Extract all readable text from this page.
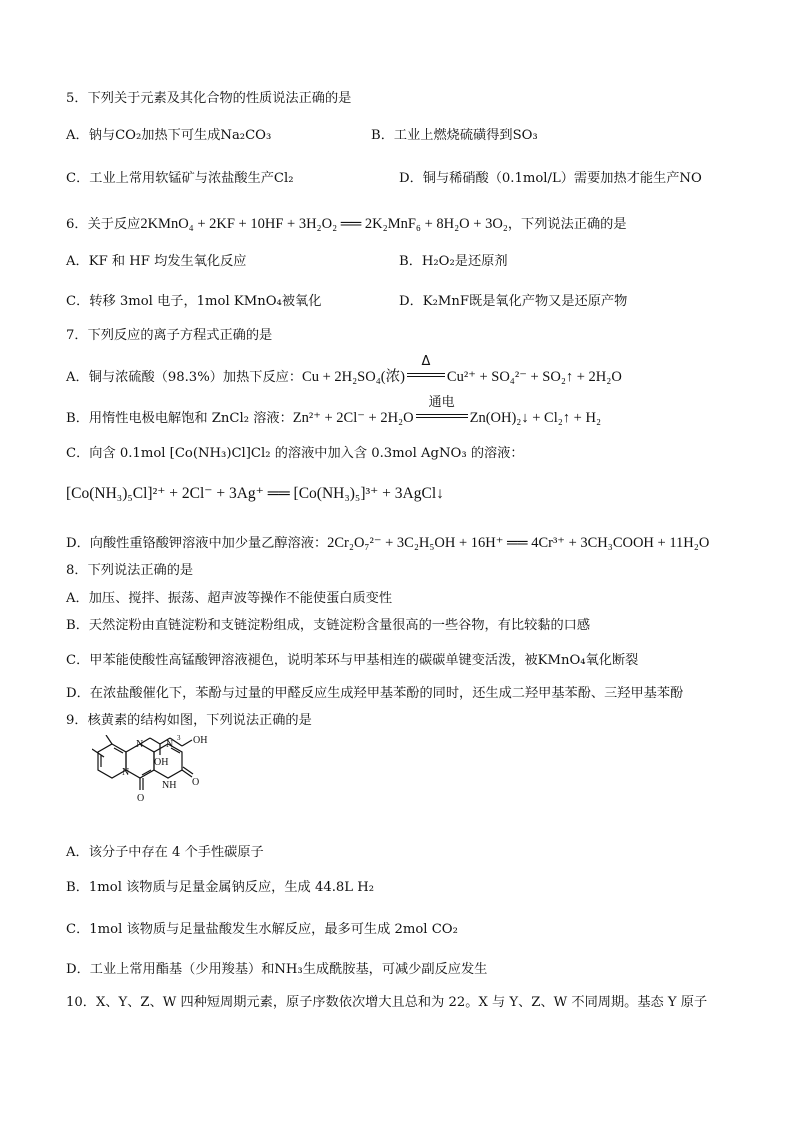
5．下列关于元素及其化合物的性质说法正确的是
A．钠与CO₂加热下可生成Na₂CO₃	B．工业上燃烧硫磺得到SO₃
C．工业上常用软锰矿与浓盐酸生产Cl₂	D．铜与稀硝酸（0.1mol/L）需要加热才能生产NO
6．关于反应2KMnO₄ + 2KF + 10HF + 3H₂O₂ ══ 2K₂MnF₆ + 8H₂O + 3O₂，下列说法正确的是
A．KF 和 HF 均发生氧化反应	B．H₂O₂是还原剂
C．转移 3mol 电子，1mol KMnO₄被氧化	D．K₂MnF既是氧化产物又是还原产物
7．下列反应的离子方程式正确的是
A．铜与浓硫酸（98.3%）加热下反应：Cu + 2H₂SO₄(浓)
Δ
Cu²⁺ + SO₄²⁻ + SO₂↑ + 2H₂O
B．用惰性电极电解饱和 ZnCl₂ 溶液：Zn²⁺ + 2Cl⁻ + 2H₂O
通电
Zn(OH)₂↓ + Cl₂↑ + H₂
C．向含 0.1mol [Co(NH₃)Cl]Cl₂ 的溶液中加入含 0.3mol AgNO₃ 的溶液：
[Co(NH₃)₅Cl]²⁺ + 2Cl⁻ + 3Ag⁺ ══ [Co(NH₃)₅]³⁺ + 3AgCl↓
D．向酸性重铬酸钾溶液中加少量乙醇溶液：2Cr₂O₇²⁻ + 3C₂H₅OH + 16H⁺ ══ 4Cr³⁺ + 3CH₃COOH + 11H₂O
8．下列说法正确的是
A．加压、搅拌、振荡、超声波等操作不能使蛋白质变性
B．天然淀粉由直链淀粉和支链淀粉组成，支链淀粉含量很高的一些谷物，有比较黏的口感
C．甲苯能使酸性高锰酸钾溶液褪色，说明苯环与甲基相连的碳碳单键变活泼，被KMnO₄氧化断裂
D．在浓盐酸催化下，苯酚与过量的甲醛反应生成羟甲基苯酚的同时，还生成二羟甲基苯酚、三羟甲基苯酚
9．核黄素的结构如图，下列说法正确的是
N
N
N
NH
O
O
OH
OH
3
A．该分子中存在 4 个手性碳原子
B．1mol 该物质与足量金属钠反应，生成 44.8L H₂
C．1mol 该物质与足量盐酸发生水解反应，最多可生成 2mol CO₂
D．工业上常用酯基（少用羧基）和NH₃生成酰胺基，可减少副反应发生
10．X、Y、Z、W 四种短周期元素，原子序数依次增大且总和为 22。X 与 Y、Z、W 不同周期。基态 Y 原子
